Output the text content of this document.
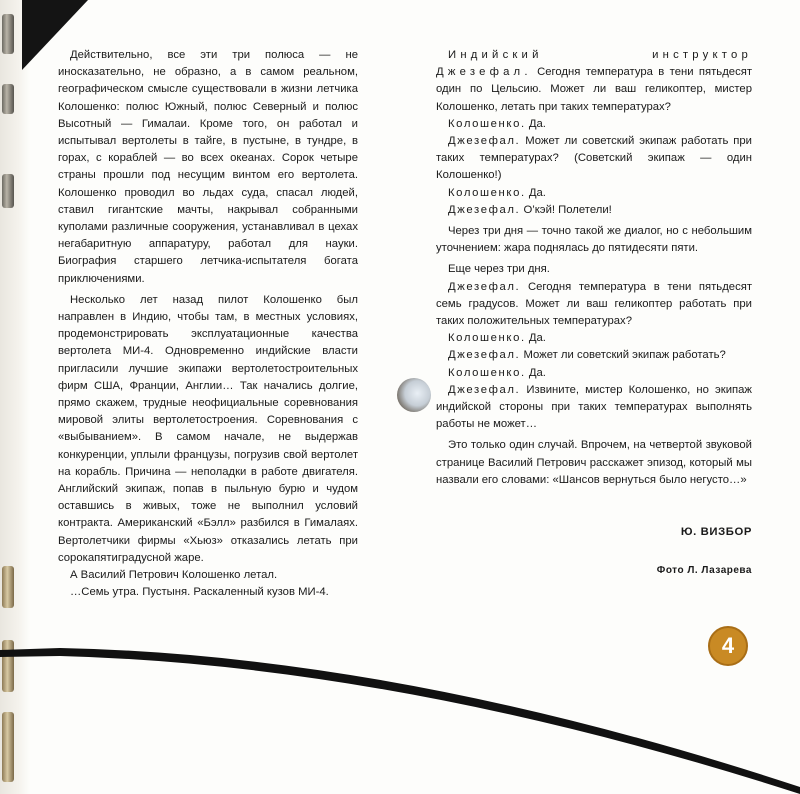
Действительно, все эти три полюса — не иносказательно, не образно, а в самом реальном, географическом смысле существовали в жизни летчика Колошенко: полюс Южный, полюс Северный и полюс Высотный — Гималаи. Кроме того, он работал и испытывал вертолеты в тайге, в пустыне, в тундре, в горах, с кораблей — во всех океанах. Сорок четыре страны прошли под несущим винтом его вертолета. Колошенко проводил во льдах суда, спасал людей, ставил гигантские мачты, накрывал собранными куполами различные сооружения, устанавливал в цехах негабаритную аппаратуру, работал для науки. Биография старшего летчика-испытателя богата приключениями.

Несколько лет назад пилот Колошенко был направлен в Индию, чтобы там, в местных условиях, продемонстрировать эксплуатационные качества вертолета МИ-4. Одновременно индийские власти пригласили лучшие экипажи вертолетостроительных фирм США, Франции, Англии… Так начались долгие, прямо скажем, трудные неофициальные соревнования мировой элиты вертолетостроения. Соревнования с «выбыванием». В самом начале, не выдержав конкуренции, уплыли французы, погрузив свой вертолет на корабль. Причина — неполадки в работе двигателя. Английский экипаж, попав в пыльную бурю и чудом оставшись в живых, тоже не выполнил условий контракта. Американский «Бэлл» разбился в Гималаях. Вертолетчики фирмы «Хьюз» отказались летать при сорокапятиградусной жаре.

А Василий Петрович Колошенко летал.

…Семь утра. Пустыня. Раскаленный кузов МИ-4.

Индийский инструктор Джезефал. Сегодня температура в тени пятьдесят один по Цельсию. Может ли ваш геликоптер, мистер Колошенко, летать при таких температурах?

Колошенко. Да.

Джезефал. Может ли советский экипаж работать при таких температурах? (Советский экипаж — один Колошенко!)

Колошенко. Да.

Джезефал. О’кэй! Полетели!

Через три дня — точно такой же диалог, но с небольшим уточнением: жара поднялась до пятидесяти пяти.

Еще через три дня.

Джезефал. Сегодня температура в тени пятьдесят семь градусов. Может ли ваш геликоптер работать при таких положительных температурах?

Колошенко. Да.

Джезефал. Может ли советский экипаж работать?

Колошенко. Да.

Джезефал. Извините, мистер Колошенко, но экипаж индийской стороны при таких температурах выполнять работы не может…

Это только один случай. Впрочем, на четвертой звуковой странице Василий Петрович расскажет эпизод, который мы назвали его словами: «Шансов вернуться было негусто…»

Ю. ВИЗБОР
Фото Л. Лазарева
4
